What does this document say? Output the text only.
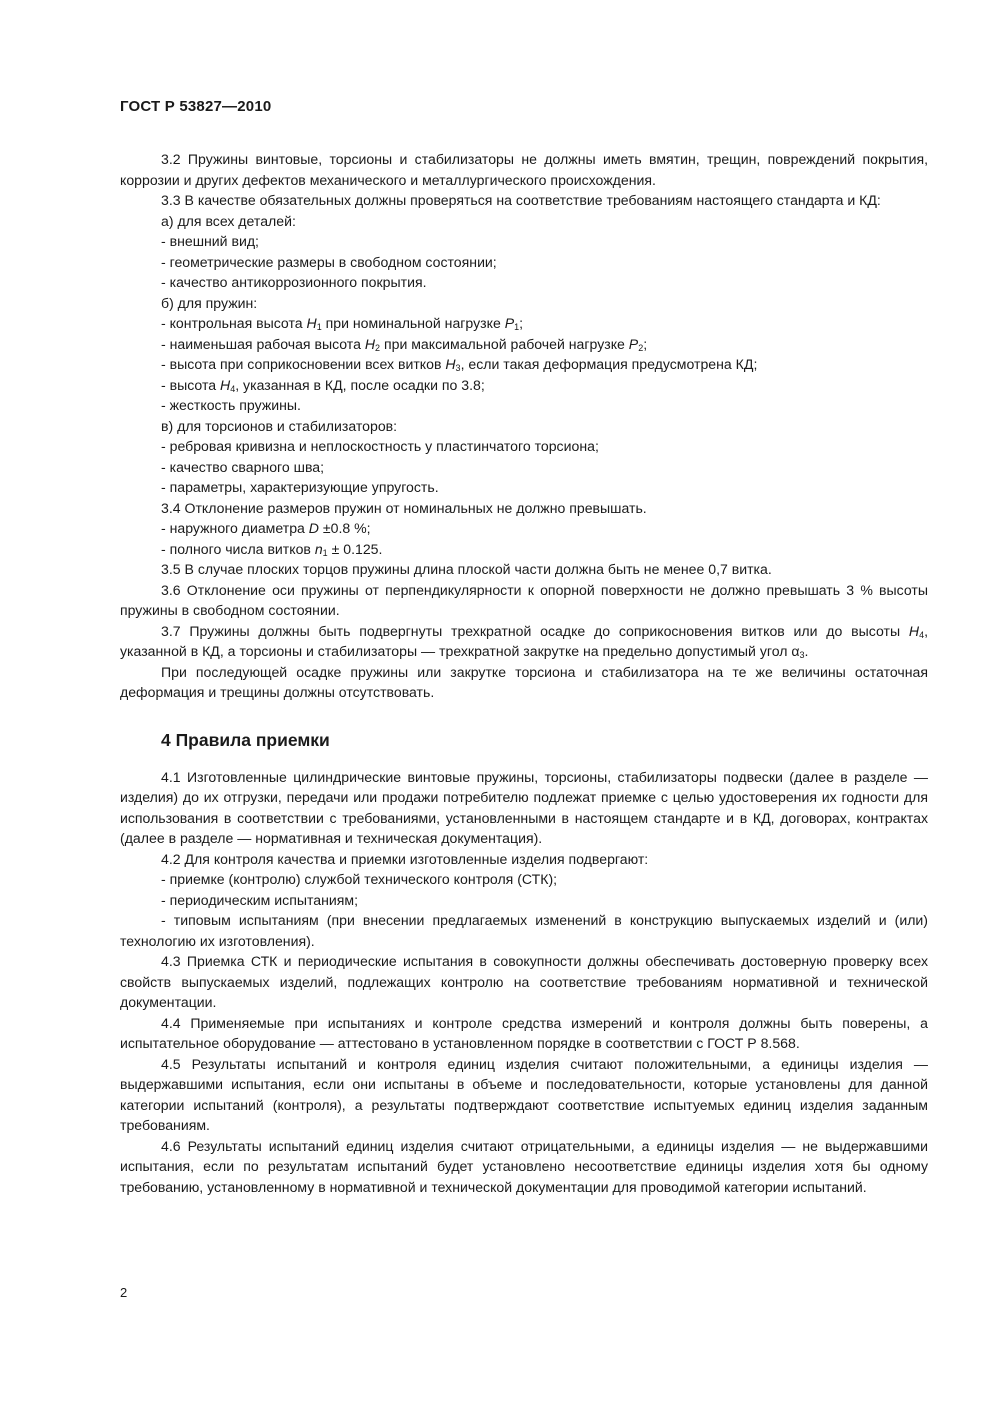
ГОСТ Р 53827—2010

3.2 Пружины винтовые, торсионы и стабилизаторы не должны иметь вмятин, трещин, повреждений покрытия, коррозии и других дефектов механического и металлургического происхождения.

3.3 В качестве обязательных должны проверяться на соответствие требованиям настоящего стандарта и КД:

а) для всех деталей:

- внешний вид;

- геометрические размеры в свободном состоянии;

- качество антикоррозионного покрытия.

б) для пружин:

- контрольная высота $H_1$ при номинальной нагрузке $P_1$;

- наименьшая рабочая высота $H_2$ при максимальной рабочей нагрузке $P_2$;

- высота при соприкосновении всех витков $H_3$, если такая деформация предусмотрена КД;

- высота $H_4$, указанная в КД, после осадки по 3.8;

- жесткость пружины.

в) для торсионов и стабилизаторов:

- ребровая кривизна и неплоскостность у пластинчатого торсиона;

- качество сварного шва;

- параметры, характеризующие упругость.

3.4 Отклонение размеров пружин от номинальных не должно превышать.

- наружного диаметра D ±0.8 %;

- полного числа витков $n_1 \pm 0.125$.

3.5 В случае плоских торцов пружины длина плоской части должна быть не менее 0,7 витка.

3.6 Отклонение оси пружины от перпендикулярности к опорной поверхности не должно превышать 3 % высоты пружины в свободном состоянии.

3.7 Пружины должны быть подвергнуты трехкратной осадке до соприкосновения витков или до высоты $H_4$, указанной в КД, а торсионы и стабилизаторы — трехкратной закрутке на предельно допустимый угол $\alpha_3$.

При последующей осадке пружины или закрутке торсиона и стабилизатора на те же величины остаточная деформация и трещины должны отсутствовать.

4 Правила приемки

4.1 Изготовленные цилиндрические винтовые пружины, торсионы, стабилизаторы подвески (далее в разделе — изделия) до их отгрузки, передачи или продажи потребителю подлежат приемке с целью удостоверения их годности для использования в соответствии с требованиями, установленными в настоящем стандарте и в КД, договорах, контрактах (далее в разделе — нормативная и техническая документация).

4.2 Для контроля качества и приемки изготовленные изделия подвергают:

- приемке (контролю) службой технического контроля (СТК);

- периодическим испытаниям;

- типовым испытаниям (при внесении предлагаемых изменений в конструкцию выпускаемых изделий и (или) технологию их изготовления).

4.3 Приемка СТК и периодические испытания в совокупности должны обеспечивать достоверную проверку всех свойств выпускаемых изделий, подлежащих контролю на соответствие требованиям нормативной и технической документации.

4.4 Применяемые при испытаниях и контроле средства измерений и контроля должны быть поверены, а испытательное оборудование — аттестовано в установленном порядке в соответствии с ГОСТ Р 8.568.

4.5 Результаты испытаний и контроля единиц изделия считают положительными, а единицы изделия — выдержавшими испытания, если они испытаны в объеме и последовательности, которые установлены для данной категории испытаний (контроля), а результаты подтверждают соответствие испытуемых единиц изделия заданным требованиям.

4.6 Результаты испытаний единиц изделия считают отрицательными, а единицы изделия — не выдержавшими испытания, если по результатам испытаний будет установлено несоответствие единицы изделия хотя бы одному требованию, установленному в нормативной и технической документации для проводимой категории испытаний.

2
